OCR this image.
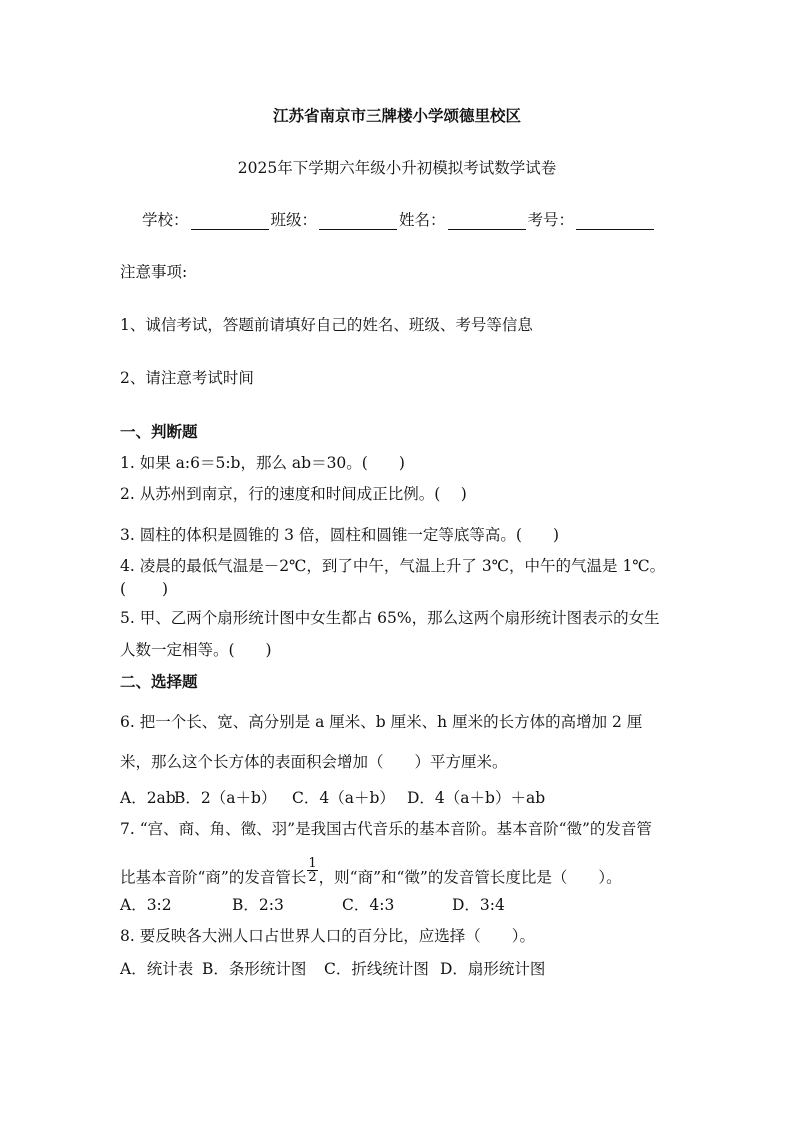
江苏省南京市三牌楼小学颂德里校区
2025年下学期六年级小升初模拟考试数学试卷
学校：	班级：	姓名：	考号：
注意事项:
1、诚信考试，答题前请填好自己的姓名、班级、考号等信息
2、请注意考试时间
一、判断题
1. 如果 a:6＝5:b，那么 ab＝30。(　　)
2. 从苏州到南京，行的速度和时间成正比例。(　 )
3. 圆柱的体积是圆锥的 3 倍，圆柱和圆锥一定等底等高。(　　)
4. 凌晨的最低气温是－2℃，到了中午，气温上升了 3℃，中午的气温是 1℃。
(　　 )
5. 甲、乙两个扇形统计图中女生都占 65%，那么这两个扇形统计图表示的女生
人数一定相等。(　　)
二、选择题
6. 把一个长、宽、高分别是 a 厘米、b 厘米、h 厘米的长方体的高增加 2 厘
米，那么这个长方体的表面积会增加（　　）平方厘米。
A．2abB．2（a＋b） C．4（a＋b） D．4（a＋b）＋ab
7. “宫、商、角、徵、羽”是我国古代音乐的基本音阶。基本音阶“徵”的发音管
比基本音阶“商”的发音管长 $\frac{1}{2}$ ，则“商”和“徵”的发音管长度比是（　　）。
A．3:2	B．2:3	C．4:3	D．3:4
8. 要反映各大洲人口占世界人口的百分比，应选择（　　）。
A．统计表 B．条形统计图 C．折线统计图 D．扇形统计图
